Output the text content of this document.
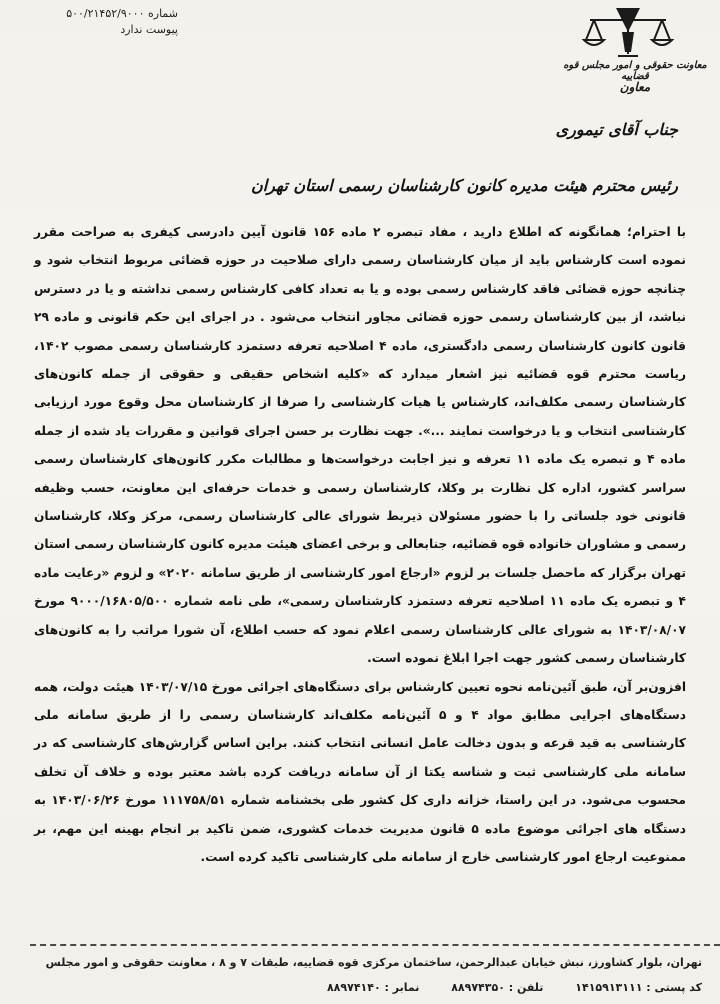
شماره ۵۰۰/۲۱۴۵۲/۹۰۰۰
پیوست ندارد
معاونت حقوقی و امور مجلس قوه قضاییه
معاون
جناب آقای تیموری
رئیس محترم هیئت مدیره کانون کارشناسان رسمی استان تهران

با احترام؛ همانگونه که اطلاع دارید ، مفاد تبصره ۲ ماده ۱۵۶ قانون آیین دادرسی کیفری به صراحت مقرر نموده است کارشناس باید از میان کارشناسان رسمی دارای صلاحیت در حوزه قضائی مربوط انتخاب شود و چنانچه حوزه قضائی فاقد کارشناس رسمی بوده و یا به تعداد کافی کارشناس رسمی نداشته و یا در دسترس نباشد، از بین کارشناسان رسمی حوزه قضائی مجاور انتخاب می‌شود . در اجرای این حکم قانونی و ماده ۲۹ قانون کانون کارشناسان رسمی دادگستری، ماده ۴ اصلاحیه تعرفه دستمزد کارشناسان رسمی مصوب ۱۴۰۲، ریاست محترم قوه قضائیه نیز اشعار میدارد که «کلیه اشخاص حقیقی و حقوقی از جمله کانون‌های کارشناسان رسمی مکلف‌اند، کارشناس یا هیات کارشناسی را صرفا از کارشناسان محل وقوع مورد ارزیابی کارشناسی انتخاب و یا درخواست نمایند ...». جهت نظارت بر حسن اجرای قوانین و مقررات یاد شده از جمله ماده ۴ و تبصره یک ماده ۱۱ تعرفه و نیز اجابت درخواست‌ها و مطالبات مکرر کانون‌های کارشناسان رسمی سراسر کشور، اداره کل نظارت بر وکلا، کارشناسان رسمی و خدمات حرفه‌ای این معاونت، حسب وظیفه قانونی خود جلساتی را با حضور مسئولان ذیربط شورای عالی کارشناسان رسمی، مرکز وکلا، کارشناسان رسمی و مشاوران خانواده قوه قضائیه، جنابعالی و برخی اعضای هیئت مدیره کانون کارشناسان رسمی استان تهران برگزار که ماحصل جلسات بر لزوم «ارجاع امور کارشناسی از طریق سامانه ۲۰۲۰» و لزوم «رعایت ماده ۴ و تبصره یک ماده ۱۱ اصلاحیه تعرفه دستمزد کارشناسان رسمی»، طی نامه شماره ۹۰۰۰/۱۶۸۰۵/۵۰۰ مورخ ۱۴۰۳/۰۸/۰۷ به شورای عالی کارشناسان رسمی اعلام نمود که حسب اطلاع، آن شورا مراتب را به کانون‌های کارشناسان رسمی کشور جهت اجرا ابلاغ نموده است.

افزون‌بر آن، طبق آئین‌نامه نحوه تعیین کارشناس برای دستگاه‌های اجرائی مورخ ۱۴۰۳/۰۷/۱۵ هیئت دولت، همه دستگاه‌های اجرایی مطابق مواد ۴ و ۵ آئین‌نامه مکلف‌اند کارشناسان رسمی را از طریق سامانه ملی کارشناسی به قید قرعه و بدون دخالت عامل انسانی انتخاب کنند. براین اساس گزارش‌های کارشناسی که در سامانه ملی کارشناسی ثبت و شناسه یکتا از آن سامانه دریافت کرده باشد معتبر بوده و خلاف آن تخلف محسوب می‌شود. در این راستا، خزانه داری کل کشور طی بخشنامه شماره ۱۱۱۷۵۸/۵۱ مورخ ۱۴۰۳/۰۶/۲۶ به دستگاه های اجرائی موضوع ماده ۵ قانون مدیریت خدمات کشوری، ضمن تاکید بر انجام بهینه این مهم، بر ممنوعیت ارجاع امور کارشناسی خارج از سامانه ملی کارشناسی تاکید کرده است.

تهران، بلوار کشاورز، نبش خیابان عبدالرحمن، ساختمان مرکزی قوه قضاییه، طبقات ۷ و ۸ ، معاونت حقوقی و امور مجلس
کد پستی : ۱۴۱۵۹۱۳۱۱۱ تلفن : ۸۸۹۷۴۳۵۰ نمابر : ۸۸۹۷۴۱۴۰
